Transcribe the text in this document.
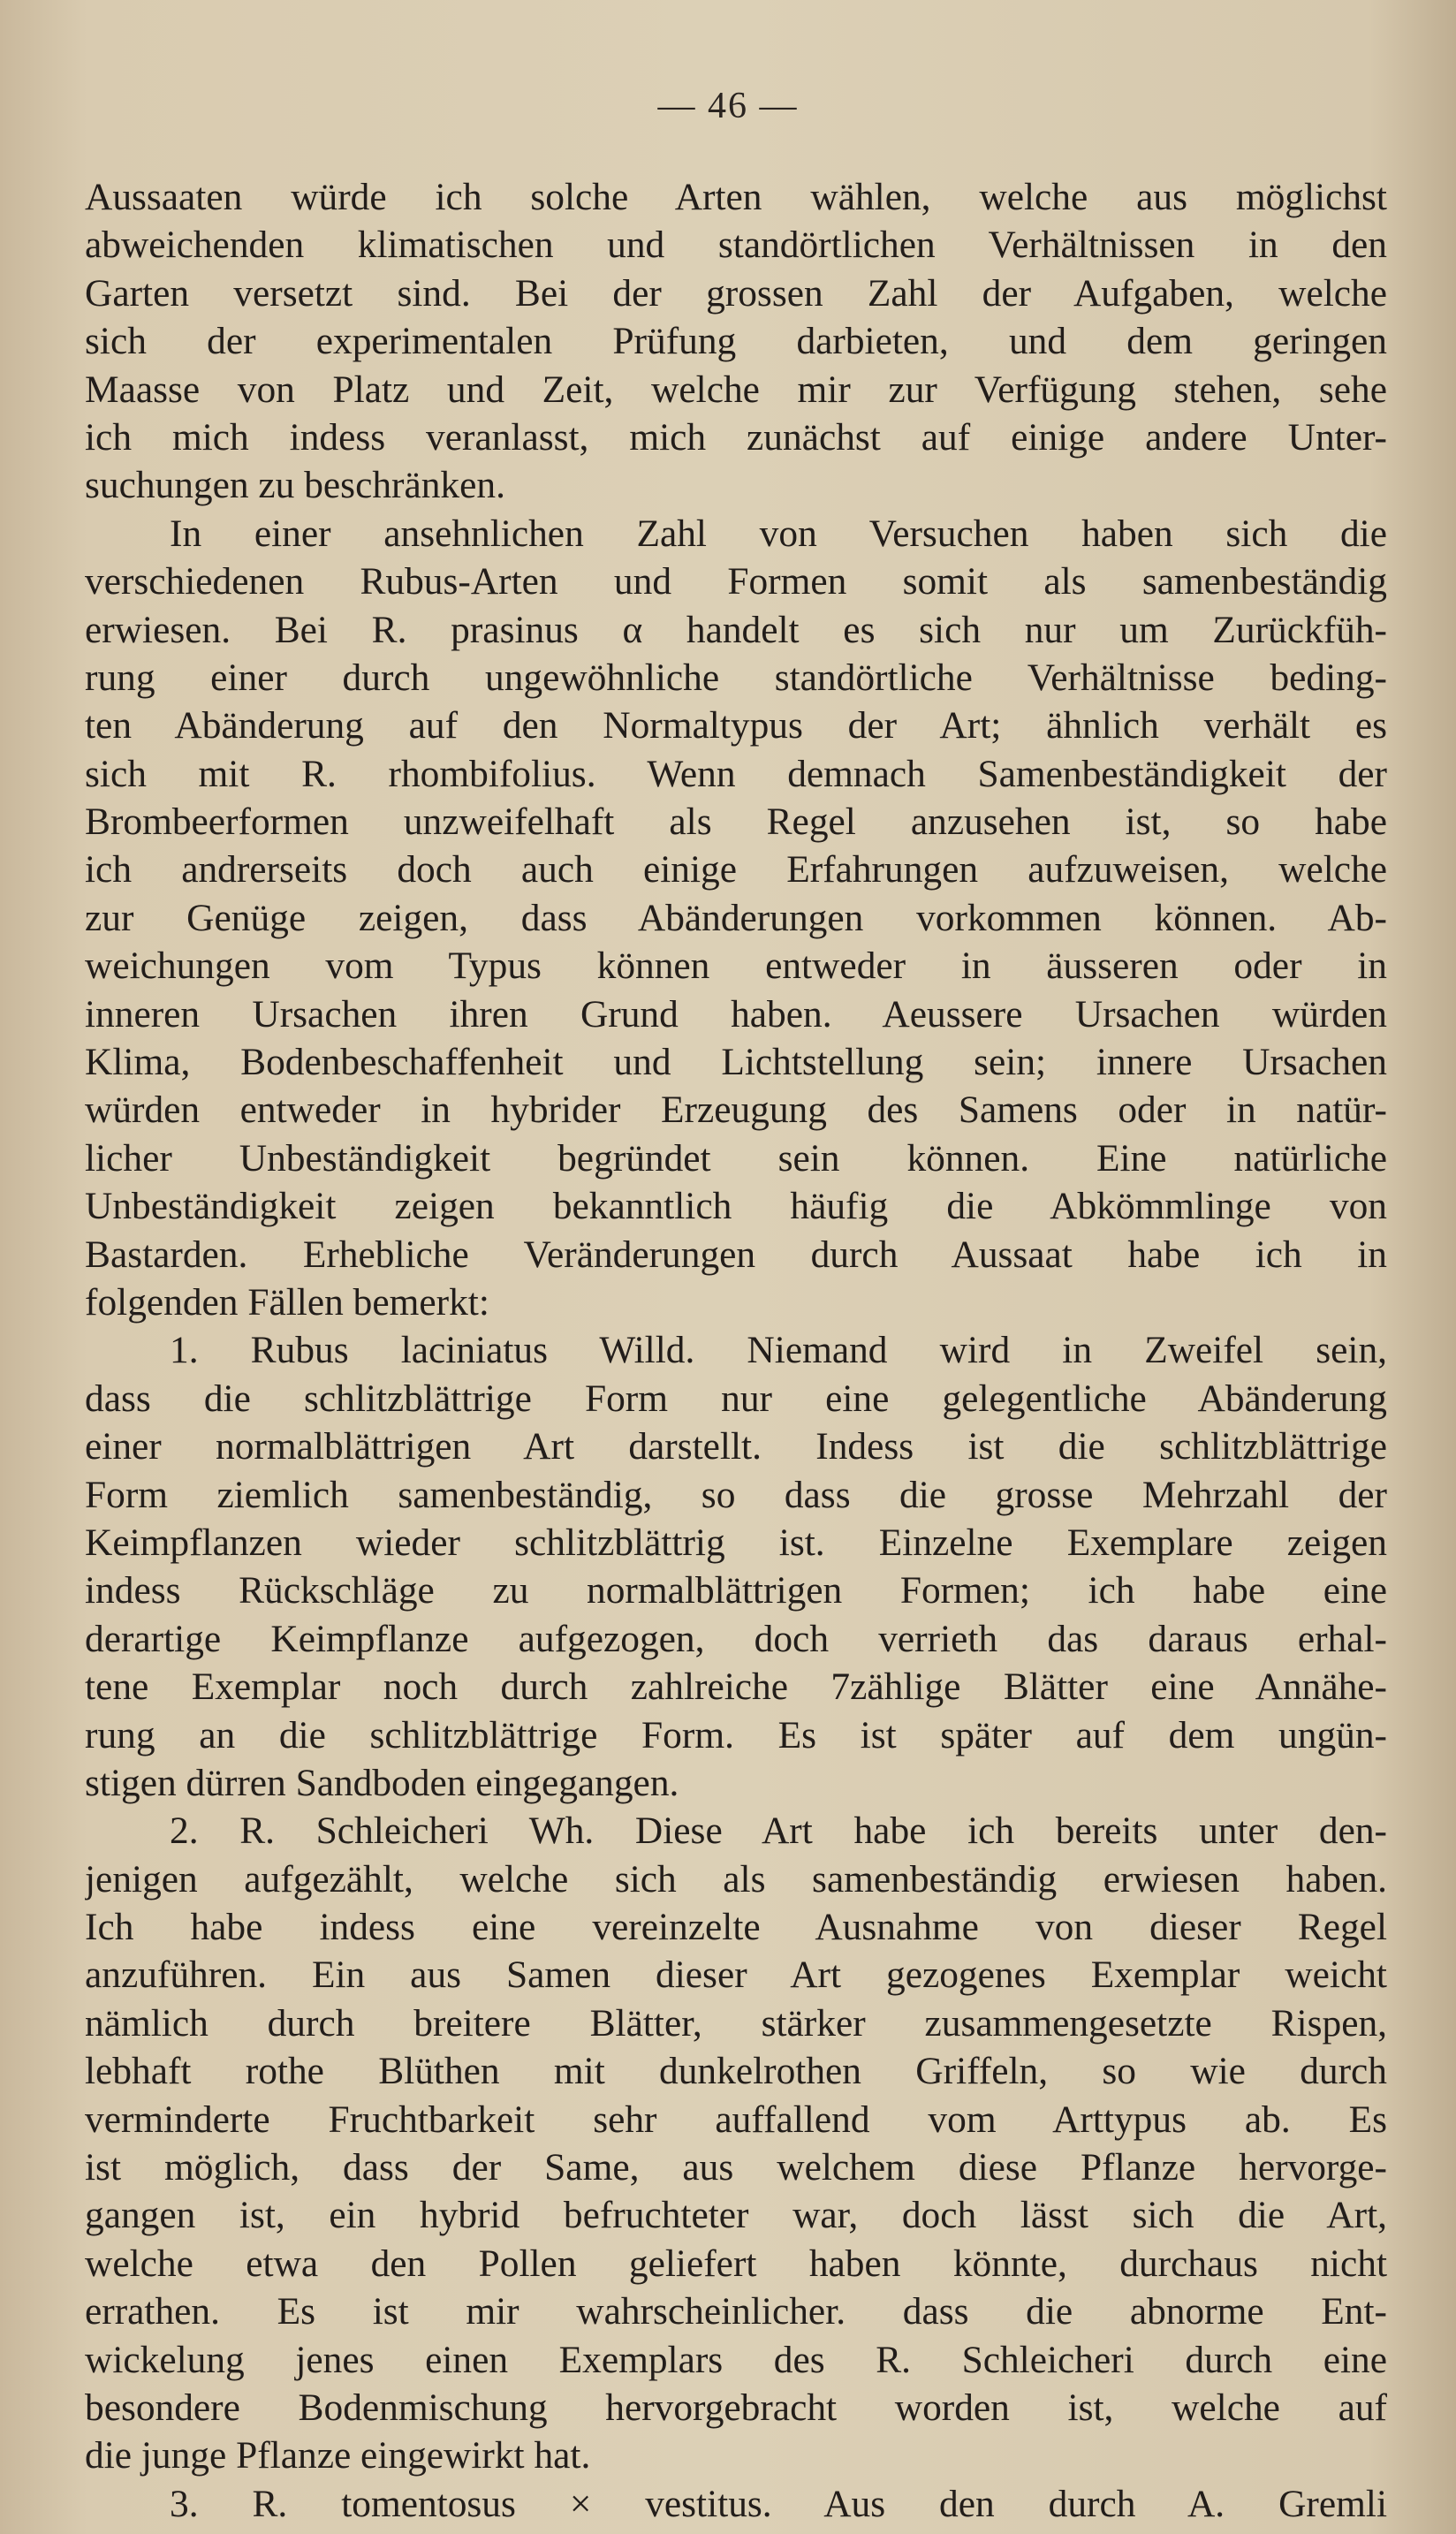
— 46 —
Aussaaten würde ich solche Arten wählen, welche aus möglichst
abweichenden klimatischen und standörtlichen Verhältnissen in den
Garten versetzt sind. Bei der grossen Zahl der Aufgaben, welche
sich der experimentalen Prüfung darbieten, und dem geringen
Maasse von Platz und Zeit, welche mir zur Verfügung stehen, sehe
ich mich indess veranlasst, mich zunächst auf einige andere Unter-
suchungen zu beschränken.
In einer ansehnlichen Zahl von Versuchen haben sich die
verschiedenen Rubus-Arten und Formen somit als samenbeständig
erwiesen. Bei R. prasinus α handelt es sich nur um Zurückfüh-
rung einer durch ungewöhnliche standörtliche Verhältnisse beding-
ten Abänderung auf den Normaltypus der Art; ähnlich verhält es
sich mit R. rhombifolius. Wenn demnach Samenbeständigkeit der
Brombeerformen unzweifelhaft als Regel anzusehen ist, so habe
ich andrerseits doch auch einige Erfahrungen aufzuweisen, welche
zur Genüge zeigen, dass Abänderungen vorkommen können. Ab-
weichungen vom Typus können entweder in äusseren oder in
inneren Ursachen ihren Grund haben. Aeussere Ursachen würden
Klima, Bodenbeschaffenheit und Lichtstellung sein; innere Ursachen
würden entweder in hybrider Erzeugung des Samens oder in natür-
licher Unbeständigkeit begründet sein können. Eine natürliche
Unbeständigkeit zeigen bekanntlich häufig die Abkömmlinge von
Bastarden. Erhebliche Veränderungen durch Aussaat habe ich in
folgenden Fällen bemerkt:
1. Rubus laciniatus Willd. Niemand wird in Zweifel sein,
dass die schlitzblättrige Form nur eine gelegentliche Abänderung
einer normalblättrigen Art darstellt. Indess ist die schlitzblättrige
Form ziemlich samenbeständig, so dass die grosse Mehrzahl der
Keimpflanzen wieder schlitzblättrig ist. Einzelne Exemplare zeigen
indess Rückschläge zu normalblättrigen Formen; ich habe eine
derartige Keimpflanze aufgezogen, doch verrieth das daraus erhal-
tene Exemplar noch durch zahlreiche 7zählige Blätter eine Annähe-
rung an die schlitzblättrige Form. Es ist später auf dem ungün-
stigen dürren Sandboden eingegangen.
2. R. Schleicheri Wh. Diese Art habe ich bereits unter den-
jenigen aufgezählt, welche sich als samenbeständig erwiesen haben.
Ich habe indess eine vereinzelte Ausnahme von dieser Regel
anzuführen. Ein aus Samen dieser Art gezogenes Exemplar weicht
nämlich durch breitere Blätter, stärker zusammengesetzte Rispen,
lebhaft rothe Blüthen mit dunkelrothen Griffeln, so wie durch
verminderte Fruchtbarkeit sehr auffallend vom Arttypus ab. Es
ist möglich, dass der Same, aus welchem diese Pflanze hervorge-
gangen ist, ein hybrid befruchteter war, doch lässt sich die Art,
welche etwa den Pollen geliefert haben könnte, durchaus nicht
errathen. Es ist mir wahrscheinlicher. dass die abnorme Ent-
wickelung jenes einen Exemplars des R. Schleicheri durch eine
besondere Bodenmischung hervorgebracht worden ist, welche auf
die junge Pflanze eingewirkt hat.
3. R. tomentosus × vestitus. Aus den durch A. Gremli
